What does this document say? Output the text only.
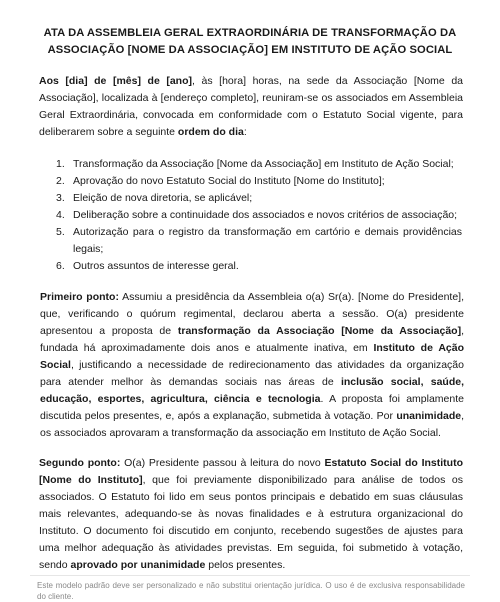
ATA DA ASSEMBLEIA GERAL EXTRAORDINÁRIA DE TRANSFORMAÇÃO DA
ASSOCIAÇÃO [NOME DA ASSOCIAÇÃO] EM INSTITUTO DE AÇÃO SOCIAL

Aos [dia] de [mês] de [ano], às [hora] horas, na sede da Associação [Nome da Associação], localizada à [endereço completo], reuniram-se os associados em Assembleia Geral Extraordinária, convocada em conformidade com o Estatuto Social vigente, para deliberarem sobre a seguinte ordem do dia:

1. Transformação da Associação [Nome da Associação] em Instituto de Ação Social;
2. Aprovação do novo Estatuto Social do Instituto [Nome do Instituto];
3. Eleição de nova diretoria, se aplicável;
4. Deliberação sobre a continuidade dos associados e novos critérios de associação;
5. Autorização para o registro da transformação em cartório e demais providências legais;
6. Outros assuntos de interesse geral.

Primeiro ponto: Assumiu a presidência da Assembleia o(a) Sr(a). [Nome do Presidente], que, verificando o quórum regimental, declarou aberta a sessão. O(a) presidente apresentou a proposta de transformação da Associação [Nome da Associação], fundada há aproximadamente dois anos e atualmente inativa, em Instituto de Ação Social, justificando a necessidade de redirecionamento das atividades da organização para atender melhor às demandas sociais nas áreas de inclusão social, saúde, educação, esportes, agricultura, ciência e tecnologia. A proposta foi amplamente discutida pelos presentes, e, após a explanação, submetida à votação. Por unanimidade, os associados aprovaram a transformação da associação em Instituto de Ação Social.

Segundo ponto: O(a) Presidente passou à leitura do novo Estatuto Social do Instituto [Nome do Instituto], que foi previamente disponibilizado para análise de todos os associados. O Estatuto foi lido em seus pontos principais e debatido em suas cláusulas mais relevantes, adequando-se às novas finalidades e à estrutura organizacional do Instituto. O documento foi discutido em conjunto, recebendo sugestões de ajustes para uma melhor adequação às atividades previstas. Em seguida, foi submetido à votação, sendo aprovado por unanimidade pelos presentes.

Este modelo padrão deve ser personalizado e não substitui orientação jurídica. O uso é de exclusiva responsabilidade do cliente.
